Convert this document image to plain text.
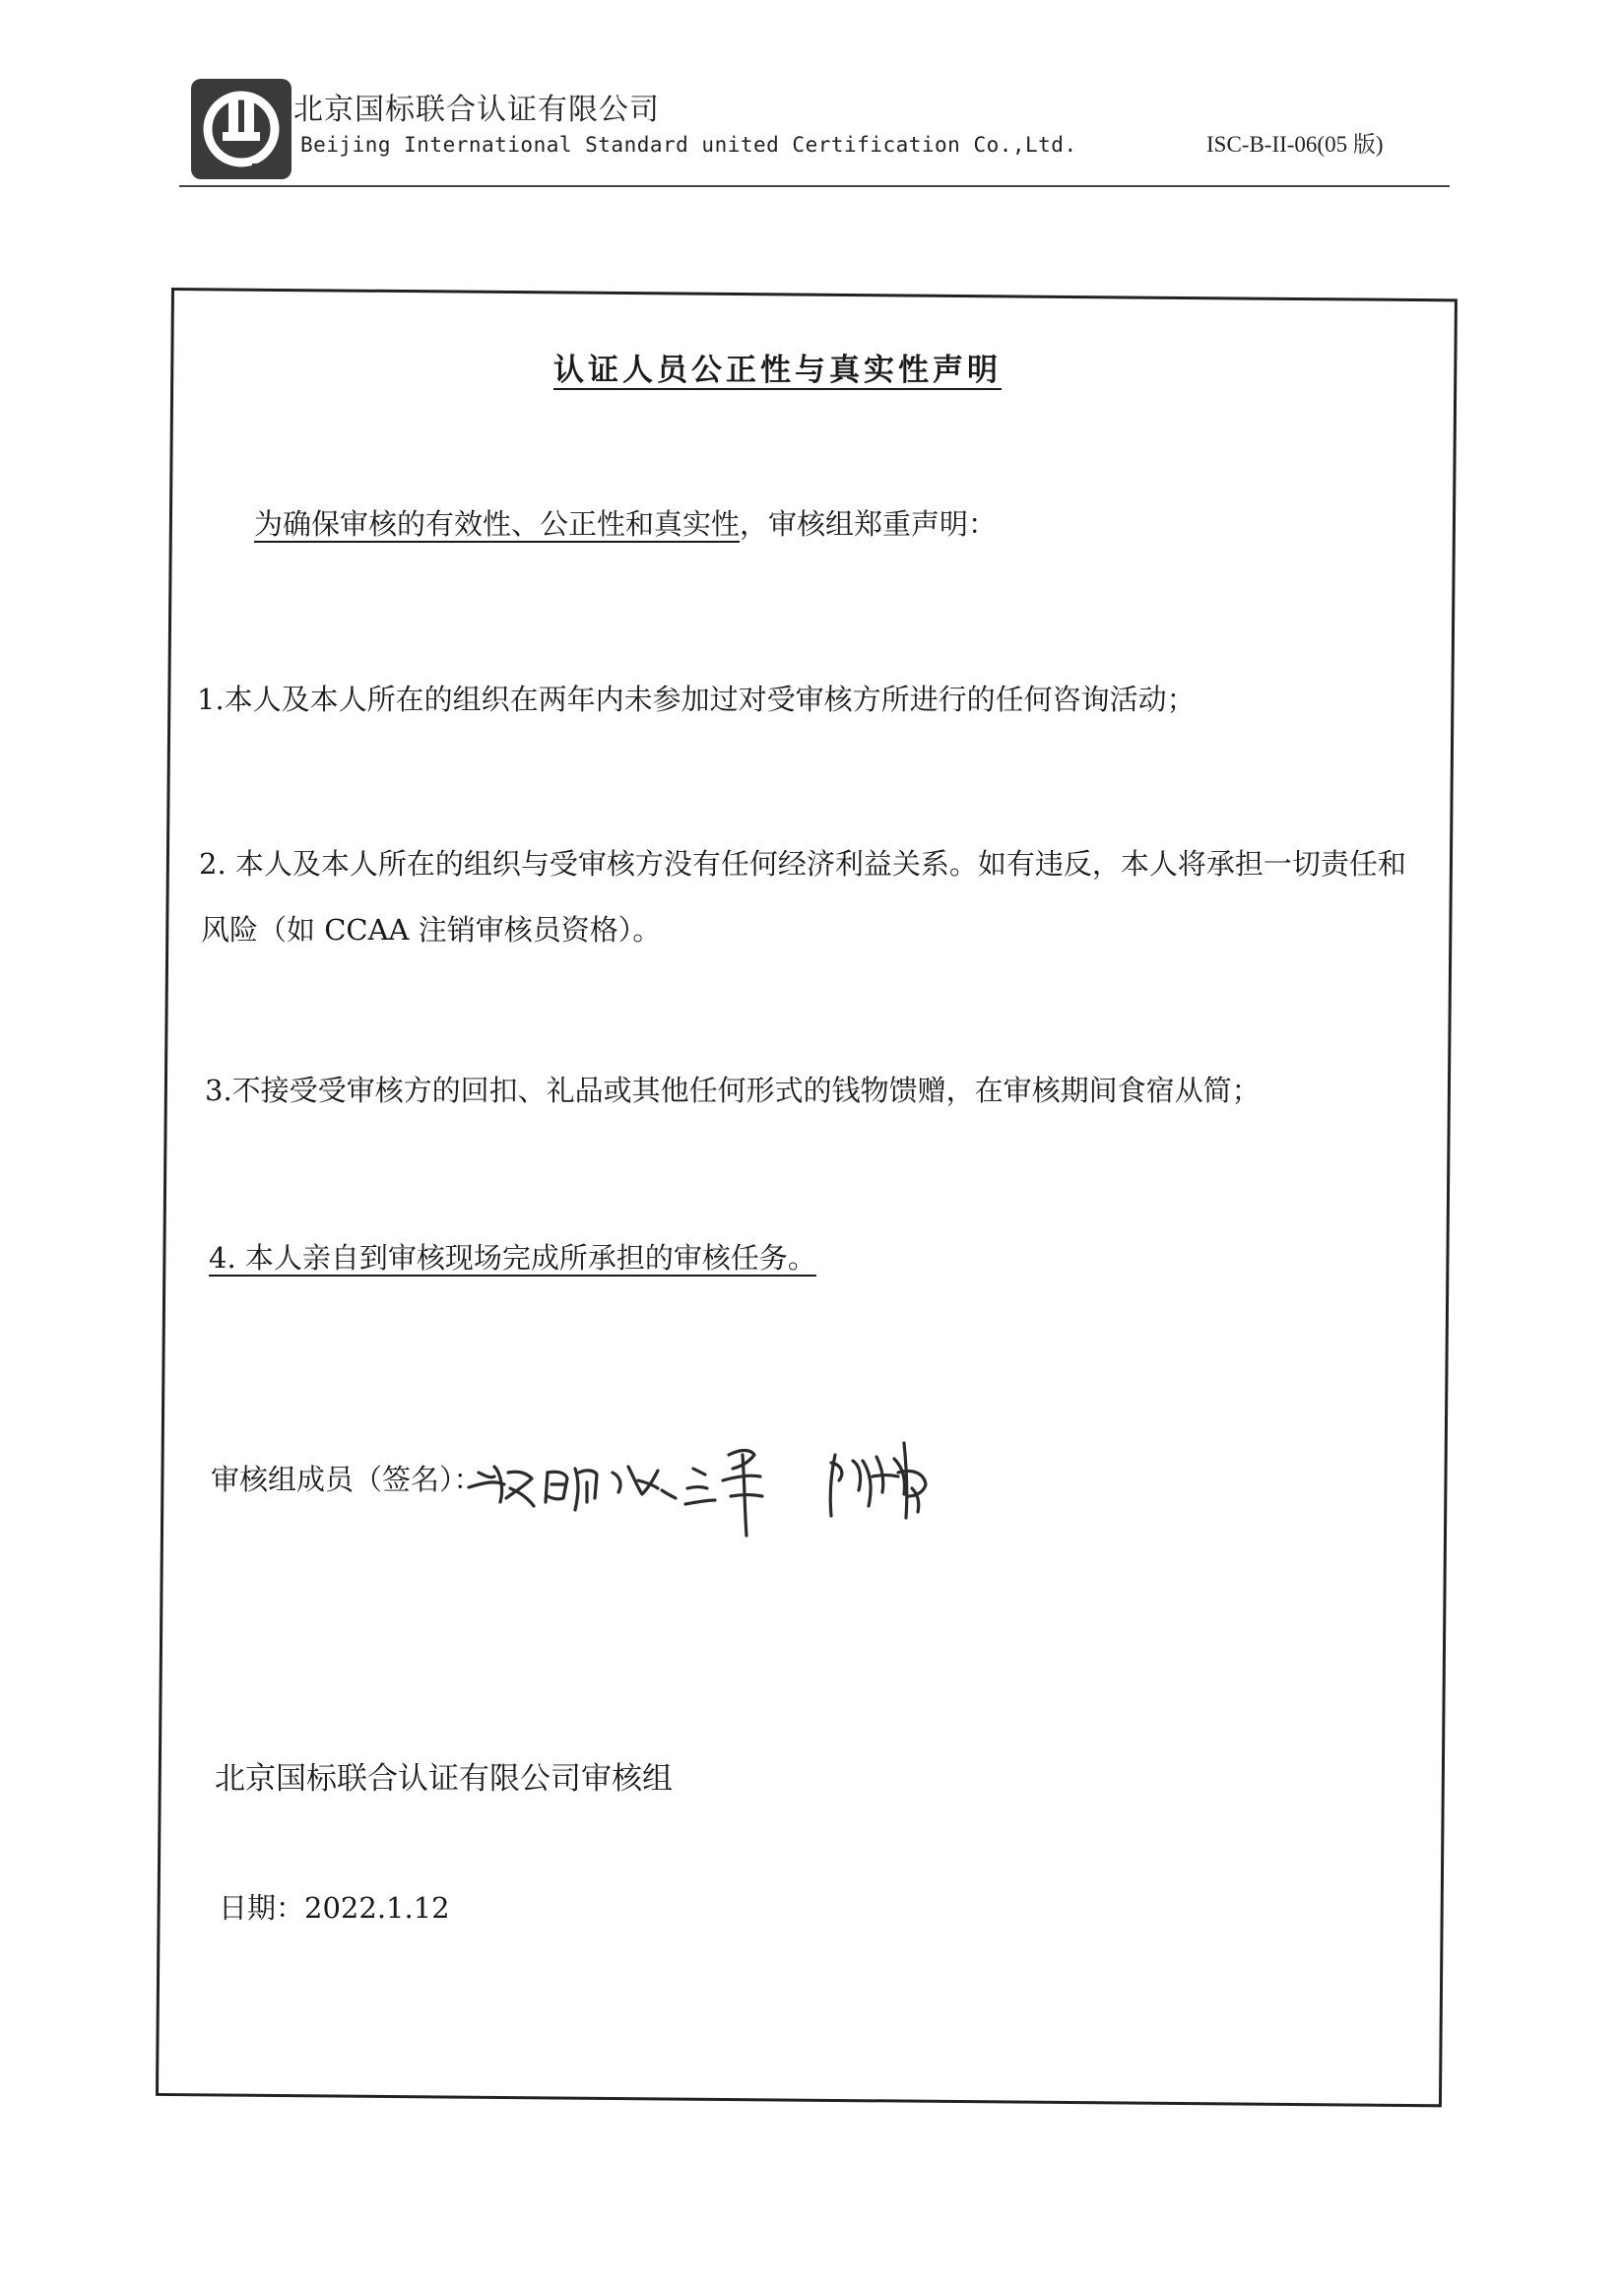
北京国标联合认证有限公司
Beijing International Standard united Certification Co.,Ltd.	ISC-B-II-06(05 版)
认证人员公正性与真实性声明
为确保审核的有效性、公正性和真实性，审核组郑重声明：
1.本人及本人所在的组织在两年内未参加过对受审核方所进行的任何咨询活动；
2. 本人及本人所在的组织与受审核方没有任何经济利益关系。如有违反，本人将承担一切责任和
风险（如 CCAA 注销审核员资格）。
3.不接受受审核方的回扣、礼品或其他任何形式的钱物馈赠，在审核期间食宿从简；
4. 本人亲自到审核现场完成所承担的审核任务。
审核组成员（签名）：
北京国标联合认证有限公司审核组
日期：2022.1.12
